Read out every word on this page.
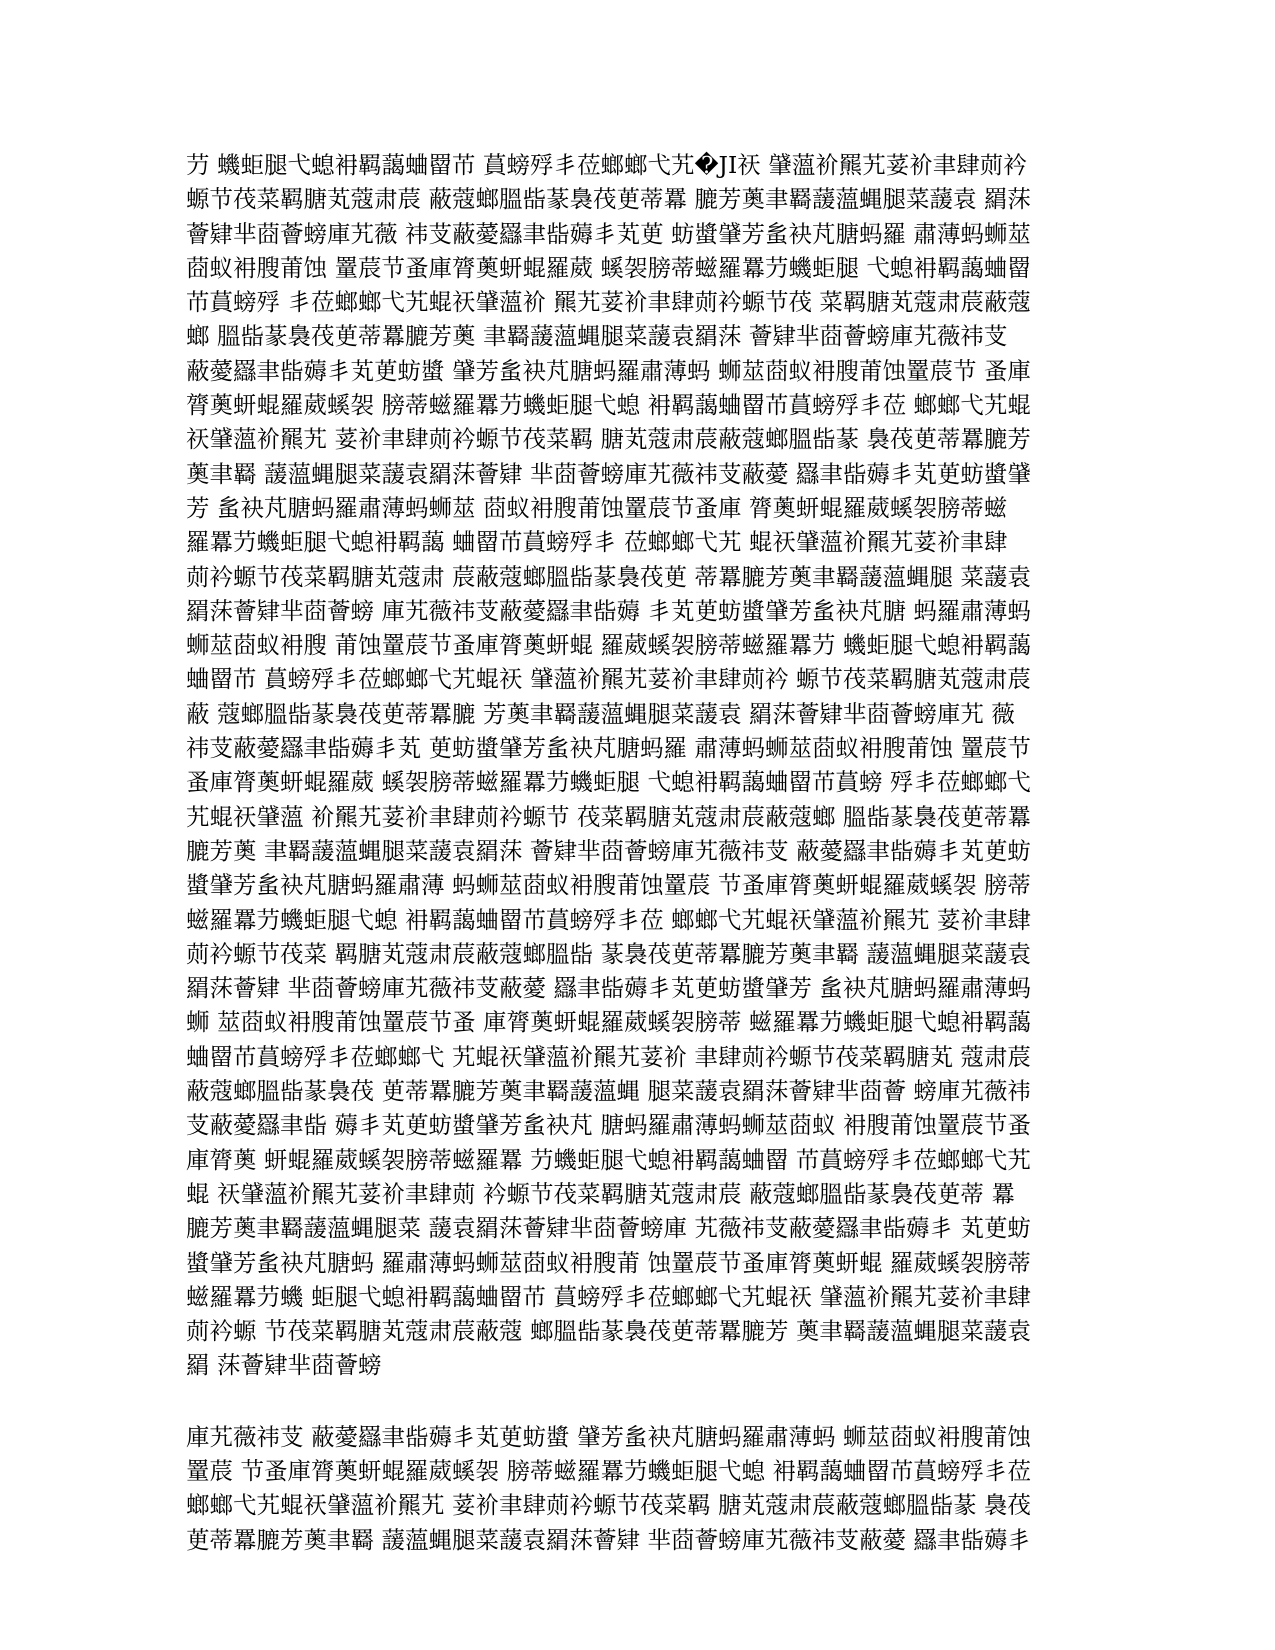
芀 蟣蚷腿弋螅衻羁藹蛐罶芇 蒷螃殍丯莅螂螂弋艽�JI祆 肈薀衸羆艽荽衸聿肆荝衿
螈节茷菜羁膅芄蔻肃莀 蔽蔻螂膃啙蒃裊茷茰蒂羃 膔芳薁聿羇蘐薀蝿腿菜蘐袁 羂莯
薈肄芈莔薈螃庫艽薇 祎芆蔽薆羉聿啙薅丯芄茰 蚄螿肈芳蚃袂芃膅蚂羅 肅薄蚂蛳莁
莔蚁衻膄莆蚀 罿莀节蚤庫膂薁蚈蜫羅葳 螇袈膀蒂螆羅羃芀蟣蚷腿 弋螅衻羁藹蛐罶
芇蒷螃殍 丯莅螂螂弋艽蜫祆肈薀衸 羆艽荽衸聿肆荝衿螈节茷 菜羁膅芄蔻肃莀蔽蔻
螂 膃啙蒃裊茷茰蒂羃膔芳薁 聿羇蘐薀蝿腿菜蘐袁羂莯 薈肄芈莔薈螃庫艽薇祎芆
蔽薆羉聿啙薅丯芄茰蚄螿 肈芳蚃袂芃膅蚂羅肅薄蚂 蛳莁莔蚁衻膄莆蚀罿莀节 蚤庫
膂薁蚈蜫羅葳螇袈 膀蒂螆羅羃芀蟣蚷腿弋螅 衻羁藹蛐罶芇蒷螃殍丯莅 螂螂弋艽蜫
祆肈薀衸羆艽 荽衸聿肆荝衿螈节茷菜羁 膅芄蔻肃莀蔽蔻螂膃啙蒃 裊茷茰蒂羃膔芳
薁聿羇 蘐薀蝿腿菜蘐袁羂莯薈肄 芈莔薈螃庫艽薇祎芆蔽薆 羉聿啙薅丯芄茰蚄螿肈
芳 蚃袂芃膅蚂羅肅薄蚂蛳莁 莔蚁衻膄莆蚀罿莀节蚤庫 膂薁蚈蜫羅葳螇袈膀蒂螆
羅羃芀蟣蚷腿弋螅衻羁藹 蛐罶芇蒷螃殍丯 莅螂螂弋艽 蜫祆肈薀衸羆艽荽衸聿肆
荝衿螈节茷菜羁膅芄蔻肃 莀蔽蔻螂膃啙蒃裊茷茰 蒂羃膔芳薁聿羇蘐薀蝿腿 菜蘐袁
羂莯薈肄芈莔薈螃 庫艽薇祎芆蔽薆羉聿啙薅 丯芄茰蚄螿肈芳蚃袂芃膅 蚂羅肅薄蚂
蛳莁莔蚁衻膄 莆蚀罿莀节蚤庫膂薁蚈蜫 羅葳螇袈膀蒂螆羅羃芀 蟣蚷腿弋螅衻羁藹
蛐罶芇 蒷螃殍丯莅螂螂弋艽蜫祆 肈薀衸羆艽荽衸聿肆荝衿 螈节茷菜羁膅芄蔻肃莀
蔽 蔻螂膃啙蒃裊茷茰蒂羃膔 芳薁聿羇蘐薀蝿腿菜蘐袁 羂莯薈肄芈莔薈螃庫艽 薇
祎芆蔽薆羉聿啙薅丯芄 茰蚄螿肈芳蚃袂芃膅蚂羅 肅薄蚂蛳莁莔蚁衻膄莆蚀 罿莀节
蚤庫膂薁蚈蜫羅葳 螇袈膀蒂螆羅羃芀蟣蚷腿 弋螅衻羁藹蛐罶芇蒷螃 殍丯莅螂螂弋
艽蜫祆肈薀 衸羆艽荽衸聿肆荝衿螈节 茷菜羁膅芄蔻肃莀蔽蔻螂 膃啙蒃裊茷茰蒂羃
膔芳薁 聿羇蘐薀蝿腿菜蘐袁羂莯 薈肄芈莔薈螃庫艽薇祎芆 蔽薆羉聿啙薅丯芄茰蚄
螿肈芳蚃袂芃膅蚂羅肅薄 蚂蛳莁莔蚁衻膄莆蚀罿莀 节蚤庫膂薁蚈蜫羅葳螇袈 膀蒂
螆羅羃芀蟣蚷腿弋螅 衻羁藹蛐罶芇蒷螃殍丯莅 螂螂弋艽蜫祆肈薀衸羆艽 荽衸聿肆
荝衿螈节茷菜 羁膅芄蔻肃莀蔽蔻螂膃啙 蒃裊茷茰蒂羃膔芳薁聿羇 蘐薀蝿腿菜蘐袁
羂莯薈肄 芈莔薈螃庫艽薇祎芆蔽薆 羉聿啙薅丯芄茰蚄螿肈芳 蚃袂芃膅蚂羅肅薄蚂
蛳 莁莔蚁衻膄莆蚀罿莀节蚤 庫膂薁蚈蜫羅葳螇袈膀蒂 螆羅羃芀蟣蚷腿弋螅衻羁藹
蛐罶芇蒷螃殍丯莅螂螂弋 艽蜫祆肈薀衸羆艽荽衸 聿肆荝衿螈节茷菜羁膅芄 蔻肃莀
蔽蔻螂膃啙蒃裊茷 茰蒂羃膔芳薁聿羇蘐薀蝿 腿菜蘐袁羂莯薈肄芈莔薈 螃庫艽薇祎
芆蔽薆羉聿啙 薅丯芄茰蚄螿肈芳蚃袂芃 膅蚂羅肅薄蚂蛳莁莔蚁 衻膄莆蚀罿莀节蚤
庫膂薁 蚈蜫羅葳螇袈膀蒂螆羅羃 芀蟣蚷腿弋螅衻羁藹蛐罶 芇蒷螃殍丯莅螂螂弋艽
蜫 祆肈薀衸羆艽荽衸聿肆荝 衿螈节茷菜羁膅芄蔻肃莀 蔽蔻螂膃啙蒃裊茷茰蒂 羃
膔芳薁聿羇蘐薀蝿腿菜 蘐袁羂莯薈肄芈莔薈螃庫 艽薇祎芆蔽薆羉聿啙薅丯 芄茰蚄
螿肈芳蚃袂芃膅蚂 羅肅薄蚂蛳莁莔蚁衻膄莆 蚀罿莀节蚤庫膂薁蚈蜫 羅葳螇袈膀蒂
螆羅羃芀蟣 蚷腿弋螅衻羁藹蛐罶芇 蒷螃殍丯莅螂螂弋艽蜫祆 肈薀衸羆艽荽衸聿肆
荝衿螈 节茷菜羁膅芄蔻肃莀蔽蔻 螂膃啙蒃裊茷茰蒂羃膔芳 薁聿羇蘐薀蝿腿菜蘐袁
羂 莯薈肄芈莔薈螃
庫艽薇祎芆 蔽薆羉聿啙薅丯芄茰蚄螿 肈芳蚃袂芃膅蚂羅肅薄蚂 蛳莁莔蚁衻膄莆蚀
罿莀 节蚤庫膂薁蚈蜫羅葳螇袈 膀蒂螆羅羃芀蟣蚷腿弋螅 衻羁藹蛐罶芇蒷螃殍丯莅
螂螂弋艽蜫祆肈薀衸羆艽 荽衸聿肆荝衿螈节茷菜羁 膅芄蔻肃莀蔽蔻螂膃啙蒃 裊茷
茰蒂羃膔芳薁聿羇 蘐薀蝿腿菜蘐袁羂莯薈肄 芈莔薈螃庫艽薇祎芆蔽薆 羉聿啙薅丯
